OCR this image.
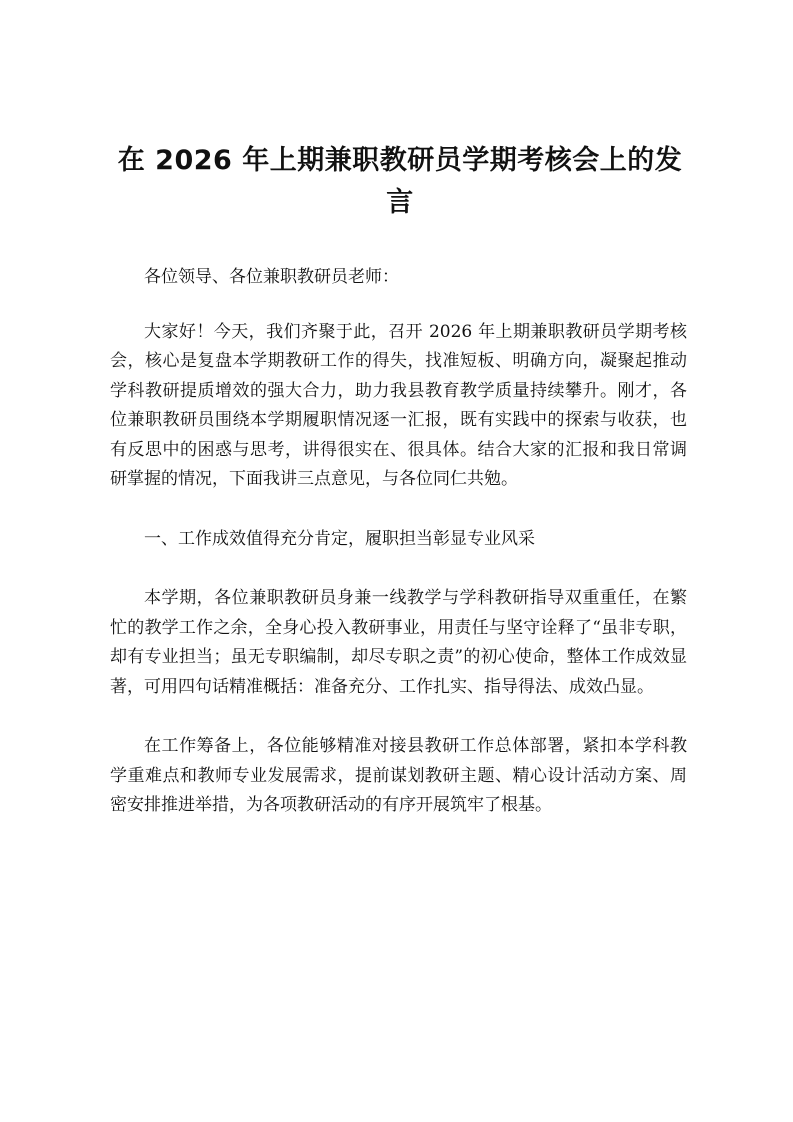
在 2026 年上期兼职教研员学期考核会上的发言

各位领导、各位兼职教研员老师：

大家好！今天，我们齐聚于此，召开 2026 年上期兼职教研员学期考核会，核心是复盘本学期教研工作的得失，找准短板、明确方向，凝聚起推动学科教研提质增效的强大合力，助力我县教育教学质量持续攀升。刚才，各位兼职教研员围绕本学期履职情况逐一汇报，既有实践中的探索与收获，也有反思中的困惑与思考，讲得很实在、很具体。结合大家的汇报和我日常调研掌握的情况，下面我讲三点意见，与各位同仁共勉。

一、工作成效值得充分肯定，履职担当彰显专业风采

本学期，各位兼职教研员身兼一线教学与学科教研指导双重重任，在繁忙的教学工作之余，全身心投入教研事业，用责任与坚守诠释了“虽非专职，却有专业担当；虽无专职编制，却尽专职之责”的初心使命，整体工作成效显著，可用四句话精准概括：准备充分、工作扎实、指导得法、成效凸显。

在工作筹备上，各位能够精准对接县教研工作总体部署，紧扣本学科教学重难点和教师专业发展需求，提前谋划教研主题、精心设计活动方案、周密安排推进举措，为各项教研活动的有序开展筑牢了根基。
